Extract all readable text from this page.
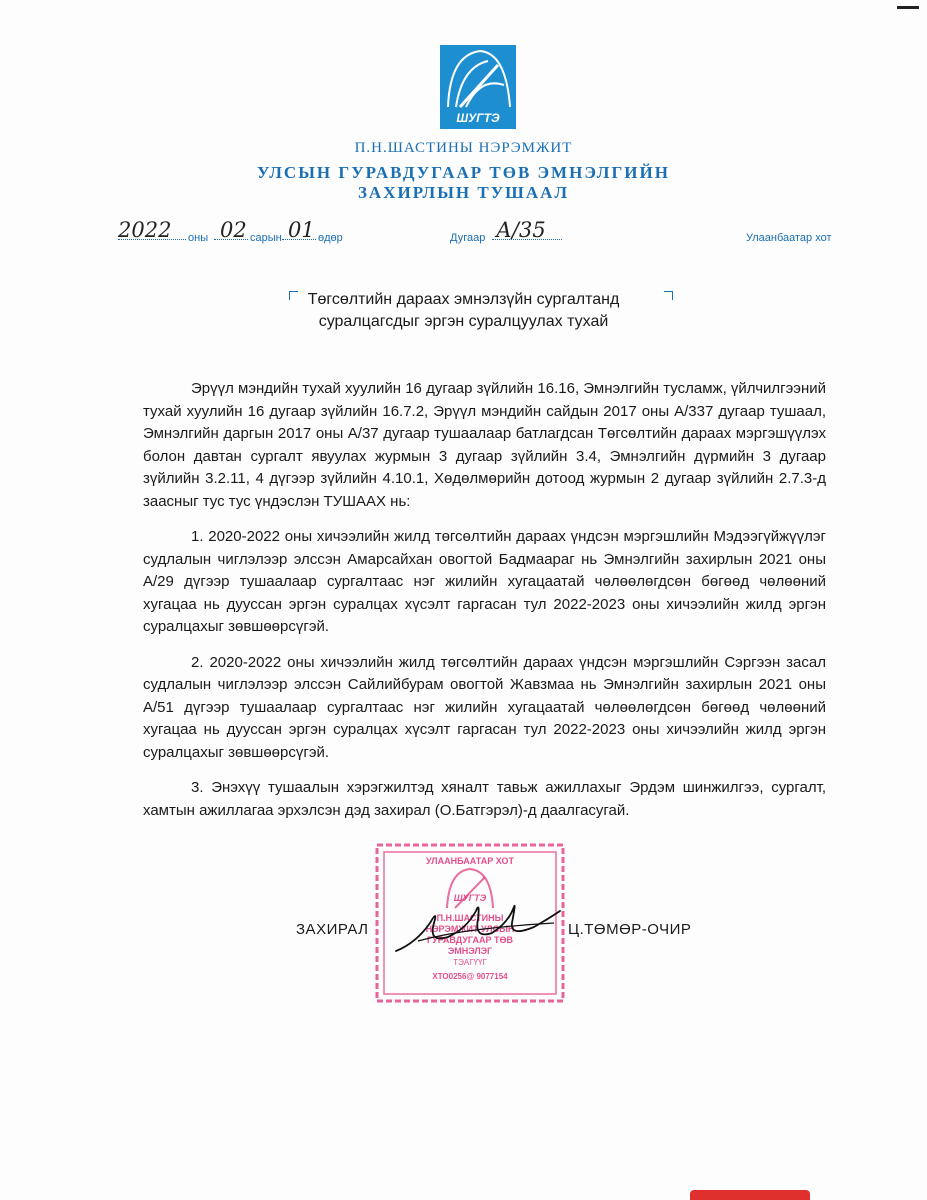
ШУГТЭ
П.Н.ШАСТИНЫ НЭРЭМЖИТ
УЛСЫН ГУРАВДУГААР ТӨВ ЭМНЭЛГИЙН
ЗАХИРЛЫН ТУШААЛ
2022 оны 02 сарын 01 өдөр	Дугаар А/35	Улаанбаатар хот
Төгсөлтийн дараах эмнэлзүйн сургалтанд
суралцагсдыг эргэн суралцуулах тухай

Эрүүл мэндийн тухай хуулийн 16 дугаар зүйлийн 16.16, Эмнэлгийн тусламж, үйлчилгээний тухай хуулийн 16 дугаар зүйлийн 16.7.2, Эрүүл мэндийн сайдын 2017 оны А/337 дугаар тушаал, Эмнэлгийн даргын 2017 оны А/37 дугаар тушаалаар батлагдсан Төгсөлтийн дараах мэргэшүүлэх болон давтан сургалт явуулах журмын 3 дугаар зүйлийн 3.4, Эмнэлгийн дүрмийн 3 дугаар зүйлийн 3.2.11, 4 дүгээр зүйлийн 4.10.1, Хөдөлмөрийн дотоод журмын 2 дугаар зүйлийн 2.7.3-д заасныг тус тус үндэслэн ТУШААХ нь:

1. 2020-2022 оны хичээлийн жилд төгсөлтийн дараах үндсэн мэргэшлийн Мэдээгүйжүүлэг судлалын чиглэлээр элссэн Амарсайхан овогтой Бадмаараг нь Эмнэлгийн захирлын 2021 оны А/29 дүгээр тушаалаар сургалтаас нэг жилийн хугацаатай чөлөөлөгдсөн бөгөөд чөлөөний хугацаа нь дууссан эргэн суралцах хүсэлт гаргасан тул 2022-2023 оны хичээлийн жилд эргэн суралцахыг зөвшөөрсүгэй.

2. 2020-2022 оны хичээлийн жилд төгсөлтийн дараах үндсэн мэргэшлийн Сэргээн засал судлалын чиглэлээр элссэн Сайлийбурам овогтой Жавзмаа нь Эмнэлгийн захирлын 2021 оны А/51 дүгээр тушаалаар сургалтаас нэг жилийн хугацаатай чөлөөлөгдсөн бөгөөд чөлөөний хугацаа нь дууссан эргэн суралцах хүсэлт гаргасан тул 2022-2023 оны хичээлийн жилд эргэн суралцахыг зөвшөөрсүгэй.

3. Энэхүү тушаалын хэрэгжилтэд хяналт тавьж ажиллахыг Эрдэм шинжилгээ, сургалт, хамтын ажиллагаа эрхэлсэн дэд захирал (О.Батгэрэл)-д даалгасугай.

УЛААНБААТАР ХОТ
ШУГТЭ
П.Н.ШАСТИНЫ
НЭРЭМЖИТ УЛСЫН
ГУРАВДУГААР ТӨВ
ЭМНЭЛЭГ
ТЭАГҮҮГ
ХТО0256@ 9077154
ЗАХИРАЛ	Ц.ТӨМӨР-ОЧИР
